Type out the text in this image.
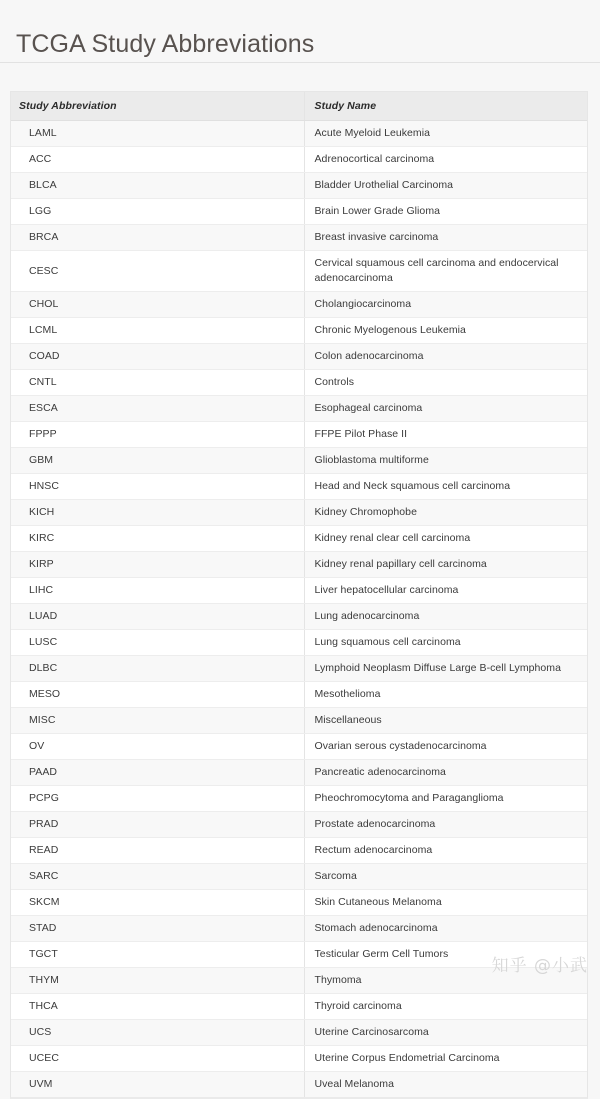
TCGA Study Abbreviations
Study Abbreviation	Study Name
LAML	Acute Myeloid Leukemia
ACC	Adrenocortical carcinoma
BLCA	Bladder Urothelial Carcinoma
LGG	Brain Lower Grade Glioma
BRCA	Breast invasive carcinoma
CESC	Cervical squamous cell carcinoma and endocervical adenocarcinoma
CHOL	Cholangiocarcinoma
LCML	Chronic Myelogenous Leukemia
COAD	Colon adenocarcinoma
CNTL	Controls
ESCA	Esophageal carcinoma
FPPP	FFPE Pilot Phase II
GBM	Glioblastoma multiforme
HNSC	Head and Neck squamous cell carcinoma
KICH	Kidney Chromophobe
KIRC	Kidney renal clear cell carcinoma
KIRP	Kidney renal papillary cell carcinoma
LIHC	Liver hepatocellular carcinoma
LUAD	Lung adenocarcinoma
LUSC	Lung squamous cell carcinoma
DLBC	Lymphoid Neoplasm Diffuse Large B-cell Lymphoma
MESO	Mesothelioma
MISC	Miscellaneous
OV	Ovarian serous cystadenocarcinoma
PAAD	Pancreatic adenocarcinoma
PCPG	Pheochromocytoma and Paraganglioma
PRAD	Prostate adenocarcinoma
READ	Rectum adenocarcinoma
SARC	Sarcoma
SKCM	Skin Cutaneous Melanoma
STAD	Stomach adenocarcinoma
TGCT	Testicular Germ Cell Tumors
THYM	Thymoma
THCA	Thyroid carcinoma
UCS	Uterine Carcinosarcoma
UCEC	Uterine Corpus Endometrial Carcinoma
UVM	Uveal Melanoma
知乎 @小武
